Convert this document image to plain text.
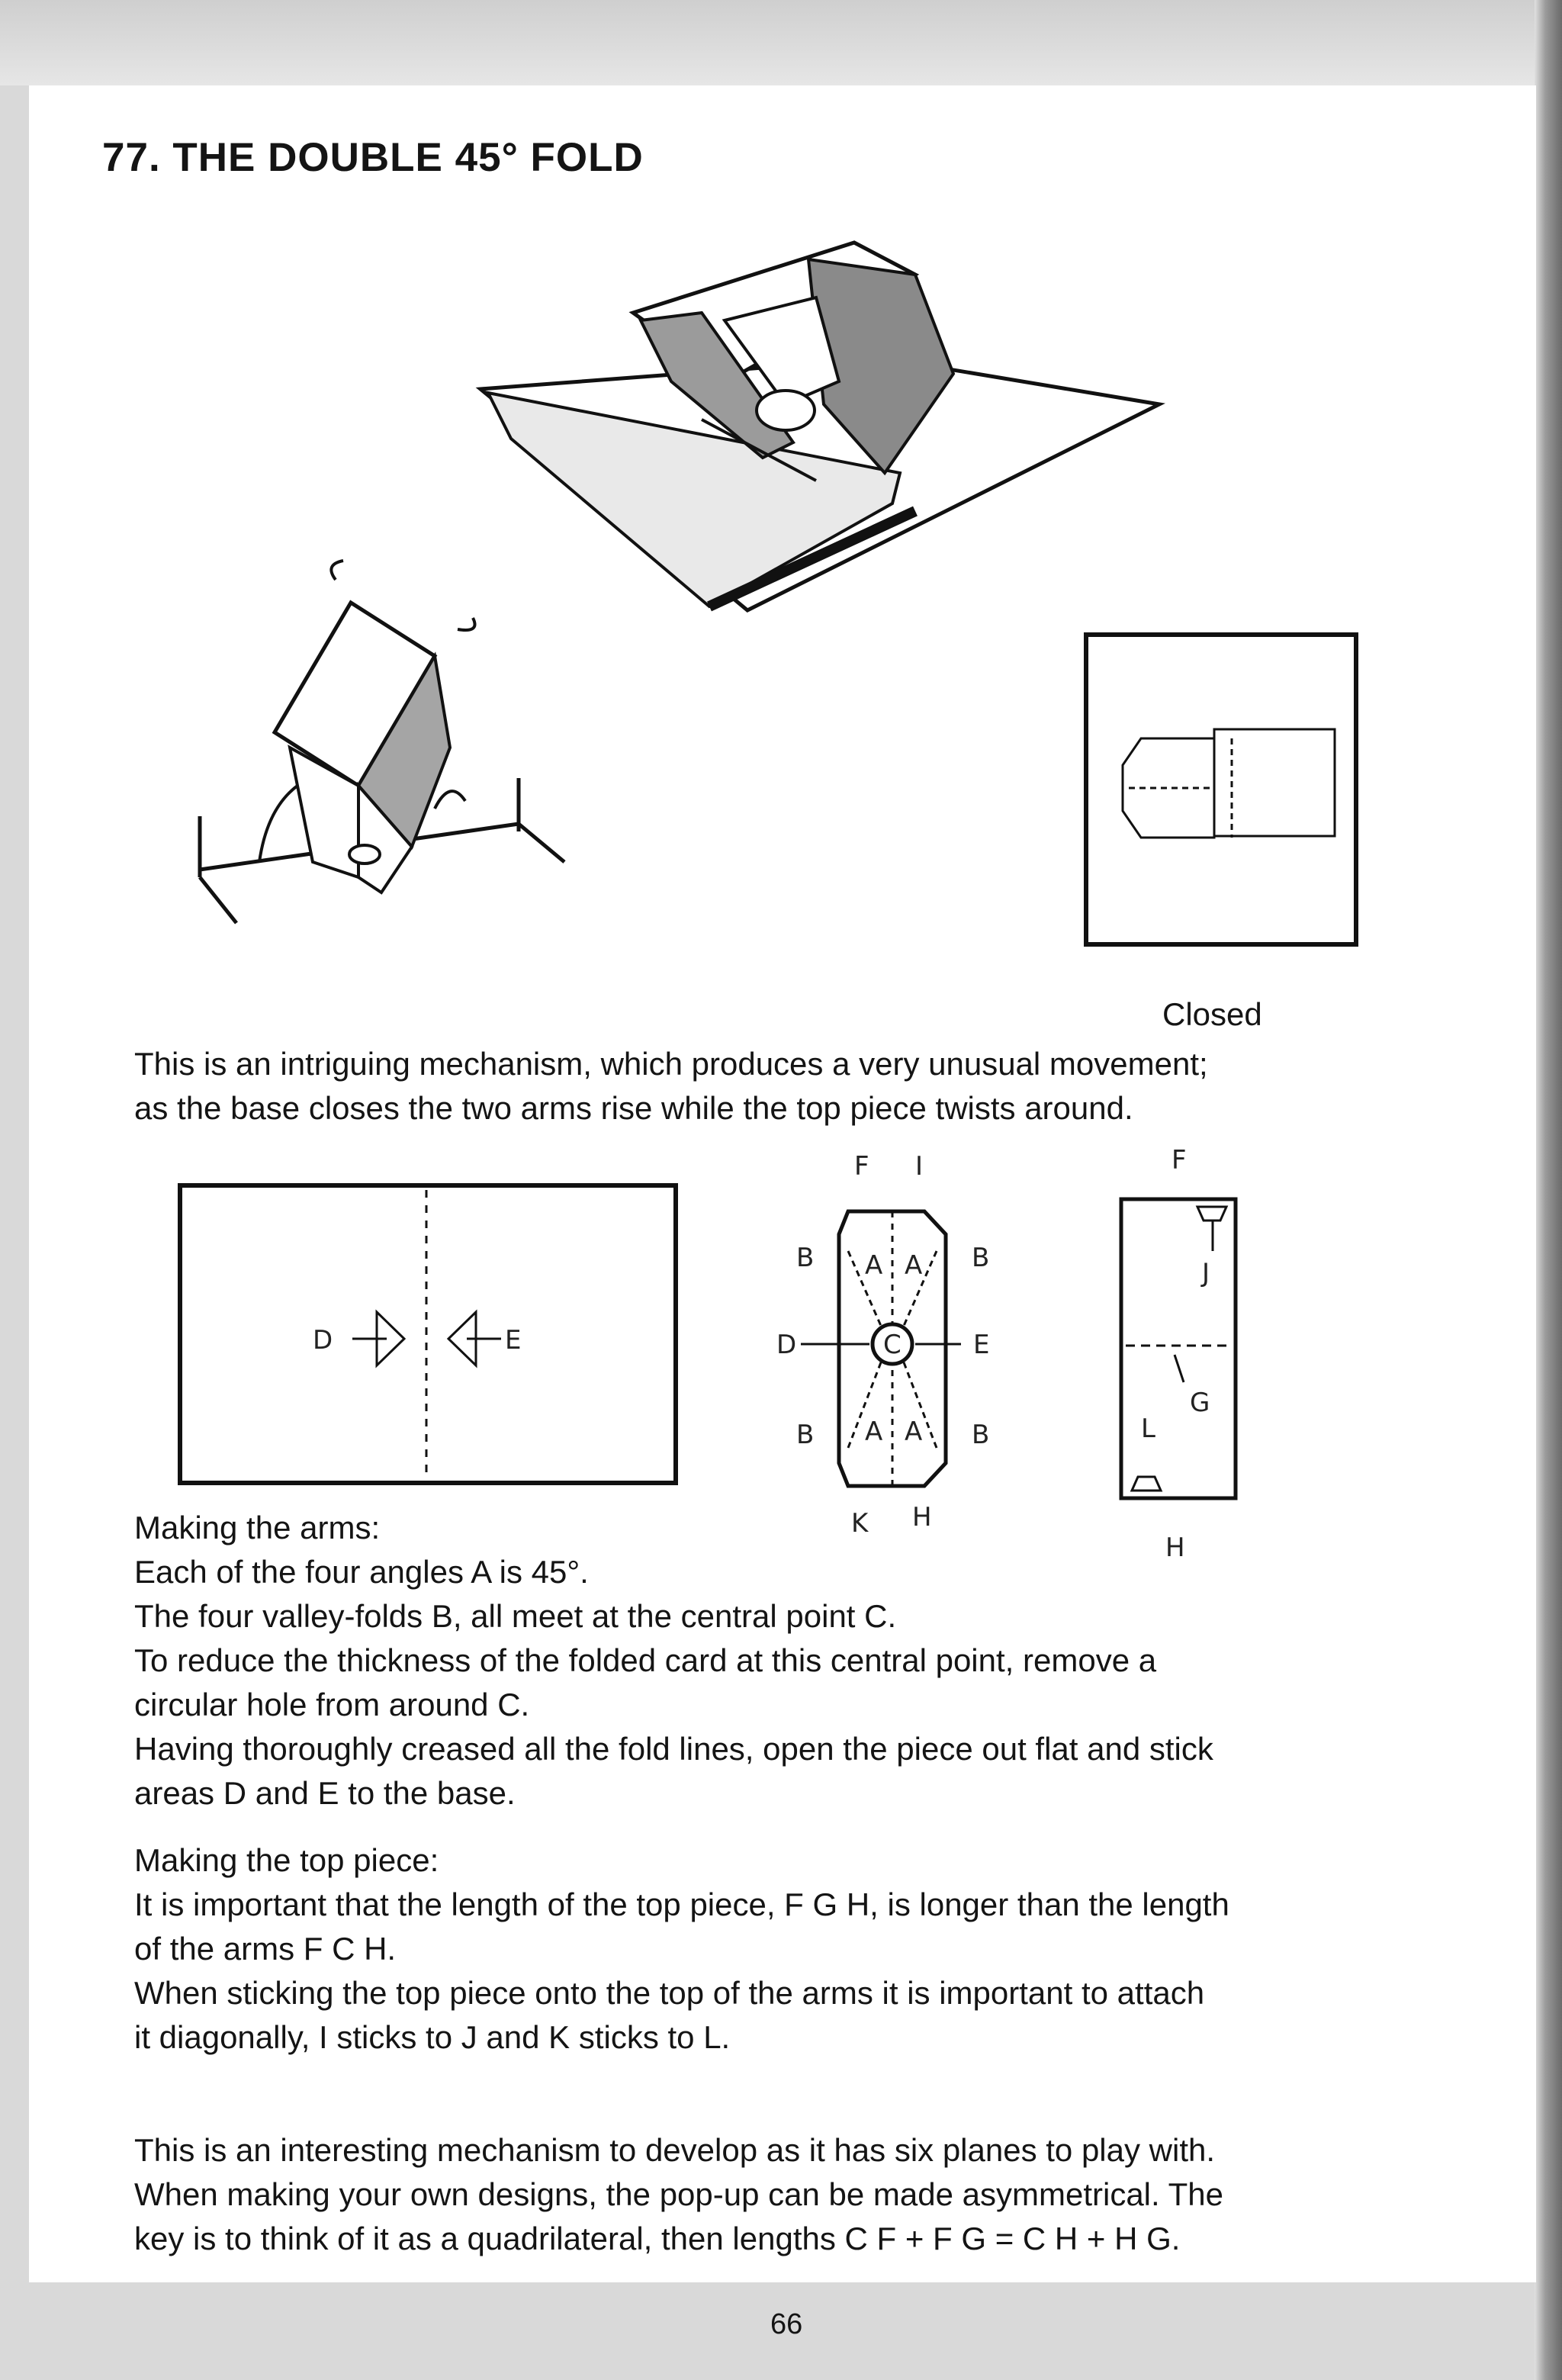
77. THE DOUBLE 45° FOLD
Closed
This is an intriguing mechanism, which produces a very unusual movement;
as the base closes the two arms rise while the top piece twists around.
D	E
F I
B	B
A A
D	C	E
A A
B	B
K H
F
J
G
L
H
Making the arms:
Each of the four angles A is 45°.
The four valley-folds B, all meet at the central point C.
To reduce the thickness of the folded card at this central point, remove a
circular hole from around C.
Having thoroughly creased all the fold lines, open the piece out flat and stick
areas D and E to the base.
Making the top piece:
It is important that the length of the top piece, F G H, is longer than the length
of the arms F C H.
When sticking the top piece onto the top of the arms it is important to attach
it diagonally, I sticks to J and K sticks to L.
This is an interesting mechanism to develop as it has six planes to play with.
When making your own designs, the pop-up can be made asymmetrical. The
key is to think of it as a quadrilateral, then lengths C F + F G = C H + H G.
66
